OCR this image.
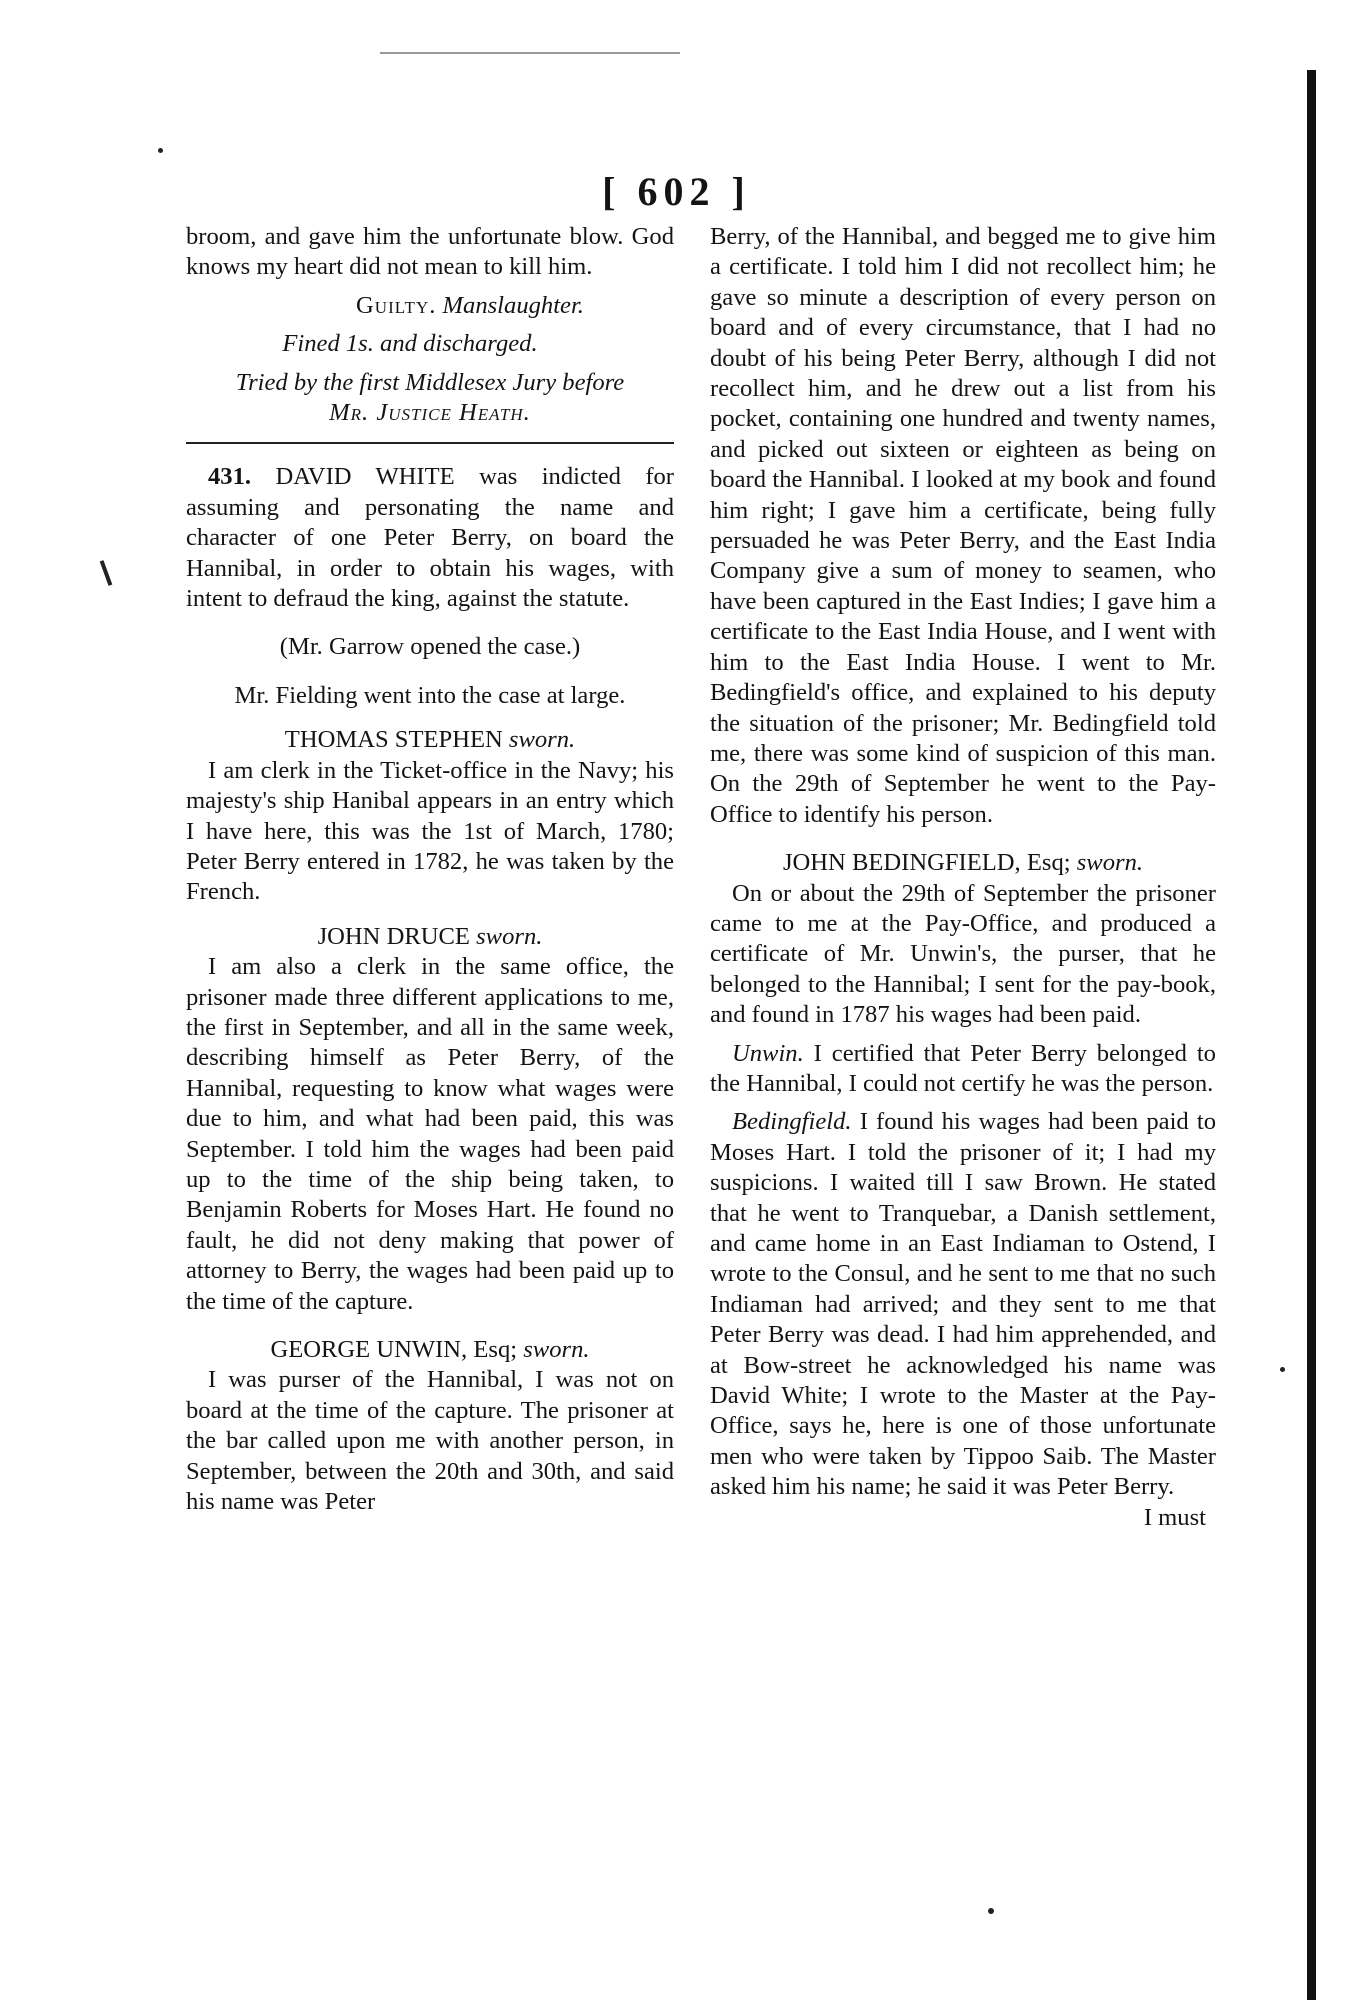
[ 602 ]

broom, and gave him the unfortunate blow. God knows my heart did not mean to kill him.

Guilty. Manslaughter.

Fined 1s. and discharged.

Tried by the first Middlesex Jury before
Mr. Justice Heath.

431. DAVID WHITE was indicted for assuming and personating the name and character of one Peter Berry, on board the Hannibal, in order to obtain his wages, with intent to defraud the king, against the statute.

(Mr. Garrow opened the case.)

Mr. Fielding went into the case at large.

THOMAS STEPHEN sworn.

I am clerk in the Ticket-office in the Navy; his majesty's ship Hanibal appears in an entry which I have here, this was the 1st of March, 1780; Peter Berry entered in 1782, he was taken by the French.

JOHN DRUCE sworn.

I am also a clerk in the same office, the prisoner made three different applications to me, the first in September, and all in the same week, describing himself as Peter Berry, of the Hannibal, requesting to know what wages were due to him, and what had been paid, this was September. I told him the wages had been paid up to the time of the ship being taken, to Benjamin Roberts for Moses Hart. He found no fault, he did not deny making that power of attorney to Berry, the wages had been paid up to the time of the capture.

GEORGE UNWIN, Esq; sworn.

I was purser of the Hannibal, I was not on board at the time of the capture. The prisoner at the bar called upon me with another person, in September, between the 20th and 30th, and said his name was Peter

Berry, of the Hannibal, and begged me to give him a certificate. I told him I did not recollect him; he gave so minute a description of every person on board and of every circumstance, that I had no doubt of his being Peter Berry, although I did not recollect him, and he drew out a list from his pocket, containing one hundred and twenty names, and picked out sixteen or eighteen as being on board the Hannibal. I looked at my book and found him right; I gave him a certificate, being fully persuaded he was Peter Berry, and the East India Company give a sum of money to seamen, who have been captured in the East Indies; I gave him a certificate to the East India House, and I went with him to the East India House. I went to Mr. Bedingfield's office, and explained to his deputy the situation of the prisoner; Mr. Bedingfield told me, there was some kind of suspicion of this man. On the 29th of September he went to the Pay-Office to identify his person.

JOHN BEDINGFIELD, Esq; sworn.

On or about the 29th of September the prisoner came to me at the Pay-Office, and produced a certificate of Mr. Unwin's, the purser, that he belonged to the Hannibal; I sent for the pay-book, and found in 1787 his wages had been paid.

Unwin. I certified that Peter Berry belonged to the Hannibal, I could not certify he was the person.

Bedingfield. I found his wages had been paid to Moses Hart. I told the prisoner of it; I had my suspicions. I waited till I saw Brown. He stated that he went to Tranquebar, a Danish settlement, and came home in an East Indiaman to Ostend, I wrote to the Consul, and he sent to me that no such Indiaman had arrived; and they sent to me that Peter Berry was dead. I had him apprehended, and at Bow-street he acknowledged his name was David White; I wrote to the Master at the Pay-Office, says he, here is one of those unfortunate men who were taken by Tippoo Saib. The Master asked him his name; he said it was Peter Berry.

I must
